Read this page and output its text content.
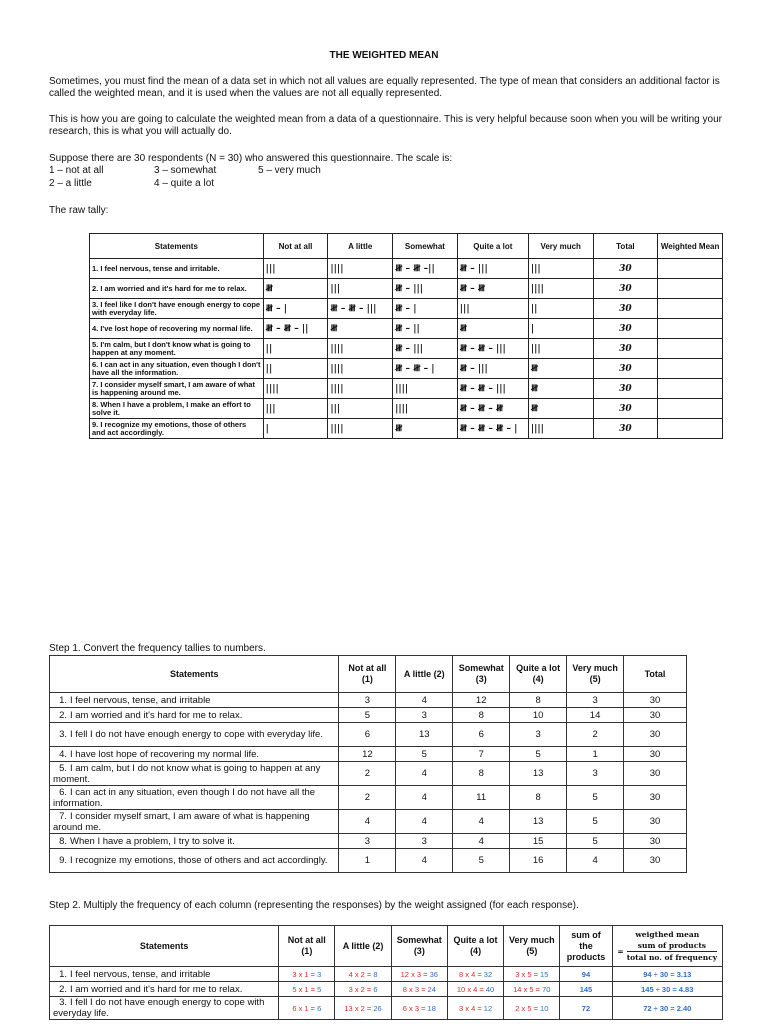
THE WEIGHTED MEAN
Sometimes, you must find the mean of a data set in which not all values are equally represented. The type of mean that considers an additional factor is called the weighted mean, and it is used when the values are not all equally represented.
This is how you are going to calculate the weighted mean from a data of a questionnaire. This is very helpful because soon when you will be writing your research, this is what you will actually do.
Suppose there are 30 respondents (N = 30) who answered this questionnaire. The scale is:
1 – not at all
2 – a little
3 – somewhat
4 – quite a lot
5 – very much
The raw tally:
Statements	Not at all	A little	Somewhat	Quite a lot	Very much	Total	Weighted Mean
1. I feel nervous, tense and irritable.	|||	||||	𝍸 – 𝍸 –||	𝍸 – |||	|||	30	
2. I am worried and it's hard for me to relax.	𝍸	|||	𝍸 – |||	𝍸 – 𝍸	||||	30	
3. I feel like I don't have enough energy to cope with everyday life.	𝍸 – |	𝍸 – 𝍸 – |||	𝍸 – |	|||	||	30	
4. I've lost hope of recovering my normal life.	𝍸 – 𝍸 – ||	𝍸	𝍸 – ||	𝍸	|	30	
5. I'm calm, but I don't know what is going to happen at any moment.	||	||||	𝍸 – |||	𝍸 – 𝍸 – |||	|||	30	
6. I can act in any situation, even though I don't have all the information.	||	||||	𝍸 – 𝍸 – |	𝍸 – |||	𝍸	30	
7. I consider myself smart, I am aware of what is happening around me.	||||	||||	||||	𝍸 – 𝍸 – |||	𝍸	30	
8. When I have a problem, I make an effort to solve it.	|||	|||	||||	𝍸 – 𝍸 – 𝍸	𝍸	30	
9. I recognize my emotions, those of others and act accordingly.	|	||||	𝍸	𝍸 – 𝍸 – 𝍸 – |	||||	30	
Step 1. Convert the frequency tallies to numbers.
Statements	Not at all (1)	A little (2)	Somewhat (3)	Quite a lot (4)	Very much (5)	Total
1. I feel nervous, tense, and irritable	3	4	12	8	3	30
2. I am worried and it's hard for me to relax.	5	3	8	10	14	30
3. I fell I do not have enough energy to cope with everyday life.	6	13	6	3	2	30
4. I have lost hope of recovering my normal life.	12	5	7	5	1	30
5. I am calm, but I do not know what is going to happen at any moment.	2	4	8	13	3	30
6. I can act in any situation, even though I do not have all the information.	2	4	11	8	5	30
7. I consider myself smart, I am aware of what is happening around me.	4	4	4	13	5	30
8. When I have a problem, I try to solve it.	3	3	4	15	5	30
9. I recognize my emotions, those of others and act accordingly.	1	4	5	16	4	30
Step 2. Multiply the frequency of each column (representing the responses) by the weight assigned (for each response).
Statements	Not at all (1)	A little (2)	Somewhat (3)	Quite a lot (4)	Very much (5)	sum of the products	weigthed mean
=
sum of products
total no. of frequency

1. I feel nervous, tense, and irritable	3 x 1 = 3	4 x 2 = 8	12 x 3 = 36	8 x 4 = 32	3 x 5 = 15	94	94 ÷ 30 = 3.13
2. I am worried and it's hard for me to relax.	5 x 1 = 5	3 x 2 = 6	8 x 3 = 24	10 x 4 = 40	14 x 5 = 70	145	145 ÷ 30 = 4.83
3. I fell I do not have enough energy to cope with everyday life.	6 x 1 = 6	13 x 2 = 26	6 x 3 = 18	3 x 4 = 12	2 x 5 = 10	72	72 ÷ 30 = 2.40
